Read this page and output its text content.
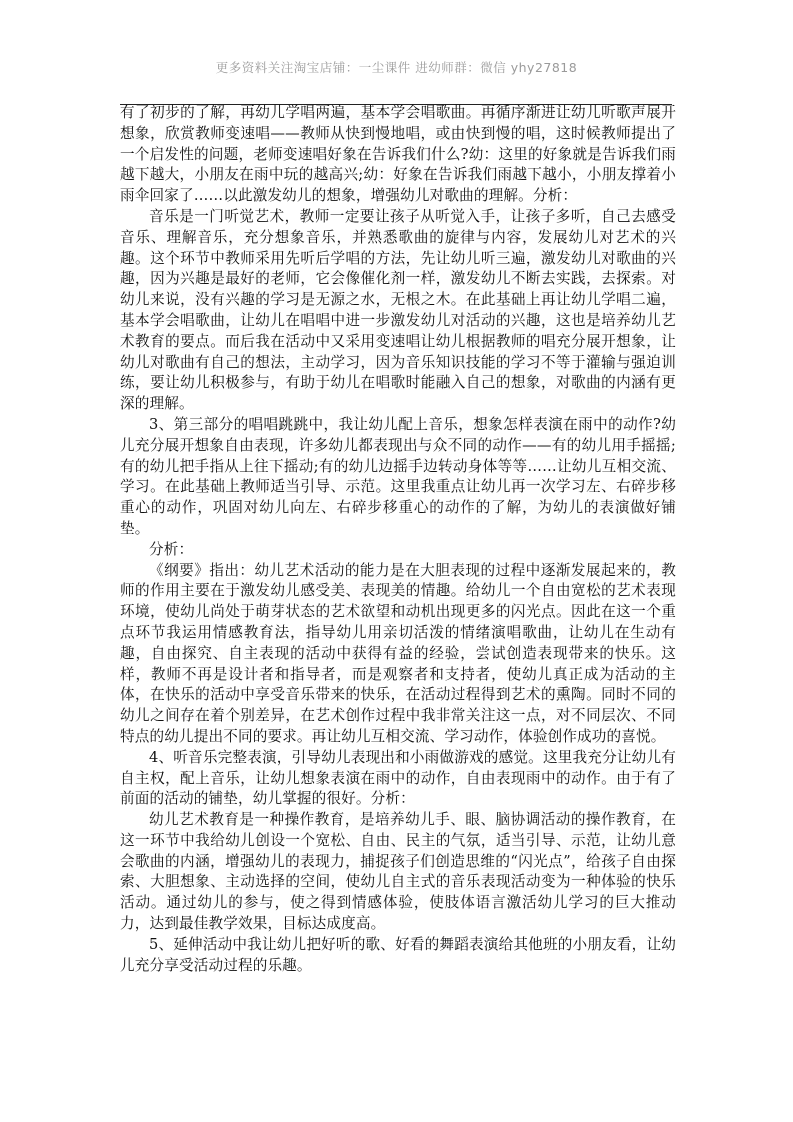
更多资料关注淘宝店铺：一尘课件 进幼师群：微信 yhy27818

有了初步的了解，再幼儿学唱两遍，基本学会唱歌曲。再循序渐进让幼儿听歌声展开想象，欣赏教师变速唱——教师从快到慢地唱，或由快到慢的唱，这时候教师提出了一个启发性的问题，老师变速唱好象在告诉我们什么?幼：这里的好象就是告诉我们雨越下越大，小朋友在雨中玩的越高兴;幼：好象在告诉我们雨越下越小，小朋友撑着小雨伞回家了……以此激发幼儿的想象，增强幼儿对歌曲的理解。分析：

音乐是一门听觉艺术，教师一定要让孩子从听觉入手，让孩子多听，自己去感受音乐、理解音乐，充分想象音乐，并熟悉歌曲的旋律与内容，发展幼儿对艺术的兴趣。这个环节中教师采用先听后学唱的方法，先让幼儿听三遍，激发幼儿对歌曲的兴趣，因为兴趣是最好的老师，它会像催化剂一样，激发幼儿不断去实践，去探索。对幼儿来说，没有兴趣的学习是无源之水，无根之木。在此基础上再让幼儿学唱二遍，基本学会唱歌曲，让幼儿在唱唱中进一步激发幼儿对活动的兴趣，这也是培养幼儿艺术教育的要点。而后我在活动中又采用变速唱让幼儿根据教师的唱充分展开想象，让幼儿对歌曲有自己的想法，主动学习，因为音乐知识技能的学习不等于灌输与强迫训练，要让幼儿积极参与，有助于幼儿在唱歌时能融入自己的想象，对歌曲的内涵有更深的理解。

3、第三部分的唱唱跳跳中，我让幼儿配上音乐，想象怎样表演在雨中的动作?幼儿充分展开想象自由表现，许多幼儿都表现出与众不同的动作——有的幼儿用手摇摇;有的幼儿把手指从上往下摇动;有的幼儿边摇手边转动身体等等……让幼儿互相交流、学习。在此基础上教师适当引导、示范。这里我重点让幼儿再一次学习左、右碎步移重心的动作，巩固对幼儿向左、右碎步移重心的动作的了解，为幼儿的表演做好铺垫。

分析：

《纲要》指出：幼儿艺术活动的能力是在大胆表现的过程中逐渐发展起来的，教师的作用主要在于激发幼儿感受美、表现美的情趣。给幼儿一个自由宽松的艺术表现环境，使幼儿尚处于萌芽状态的艺术欲望和动机出现更多的闪光点。因此在这一个重点环节我运用情感教育法，指导幼儿用亲切活泼的情绪演唱歌曲，让幼儿在生动有趣，自由探究、自主表现的活动中获得有益的经验，尝试创造表现带来的快乐。这样，教师不再是设计者和指导者，而是观察者和支持者，使幼儿真正成为活动的主体，在快乐的活动中享受音乐带来的快乐，在活动过程得到艺术的熏陶。同时不同的幼儿之间存在着个别差异，在艺术创作过程中我非常关注这一点，对不同层次、不同特点的幼儿提出不同的要求。再让幼儿互相交流、学习动作，体验创作成功的喜悦。

4、听音乐完整表演，引导幼儿表现出和小雨做游戏的感觉。这里我充分让幼儿有自主权，配上音乐，让幼儿想象表演在雨中的动作，自由表现雨中的动作。由于有了前面的活动的铺垫，幼儿掌握的很好。分析：

幼儿艺术教育是一种操作教育，是培养幼儿手、眼、脑协调活动的操作教育，在这一环节中我给幼儿创设一个宽松、自由、民主的气氛，适当引导、示范，让幼儿意会歌曲的内涵，增强幼儿的表现力，捕捉孩子们创造思维的“闪光点”，给孩子自由探索、大胆想象、主动选择的空间，使幼儿自主式的音乐表现活动变为一种体验的快乐活动。通过幼儿的参与，使之得到情感体验，使肢体语言激活幼儿学习的巨大推动力，达到最佳教学效果，目标达成度高。

5、延伸活动中我让幼儿把好听的歌、好看的舞蹈表演给其他班的小朋友看，让幼儿充分享受活动过程的乐趣。
